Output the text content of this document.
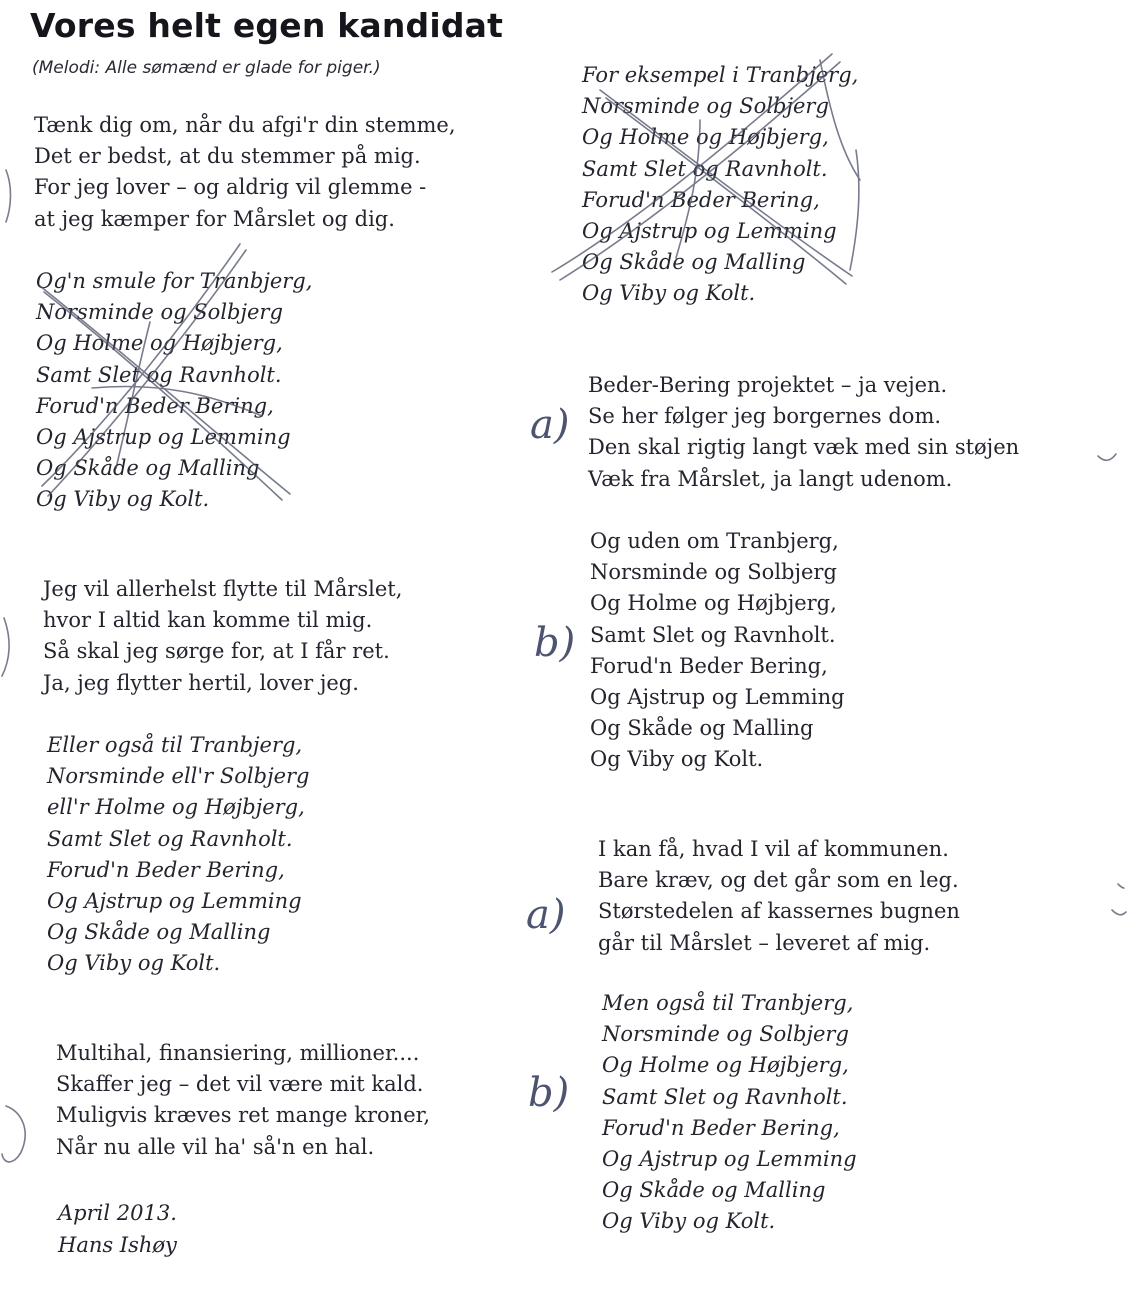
Vores helt egen kandidat
(Melodi: Alle sømænd er glade for piger.)
Tænk dig om, når du afgi'r din stemme,
Det er bedst, at du stemmer på mig.
For jeg lover – og aldrig vil glemme -
at jeg kæmper for Mårslet og dig.
Og'n smule for Tranbjerg,
Norsminde og Solbjerg
Og Holme og Højbjerg,
Samt Slet og Ravnholt.
Forud'n Beder Bering,
Og Ajstrup og Lemming
Og Skåde og Malling
Og Viby og Kolt.
Jeg vil allerhelst flytte til Mårslet,
hvor I altid kan komme til mig.
Så skal jeg sørge for, at I får ret.
Ja, jeg flytter hertil, lover jeg.
Eller også til Tranbjerg,
Norsminde ell'r Solbjerg
ell'r Holme og Højbjerg,
Samt Slet og Ravnholt.
Forud'n Beder Bering,
Og Ajstrup og Lemming
Og Skåde og Malling
Og Viby og Kolt.
Multihal, finansiering, millioner....
Skaffer jeg – det vil være mit kald.
Muligvis kræves ret mange kroner,
Når nu alle vil ha' så'n en hal.
April 2013.
Hans Ishøy
For eksempel i Tranbjerg,
Norsminde og Solbjerg
Og Holme og Højbjerg,
Samt Slet og Ravnholt.
Forud'n Beder Bering,
Og Ajstrup og Lemming
Og Skåde og Malling
Og Viby og Kolt.
Beder-Bering projektet – ja vejen.
Se her følger jeg borgernes dom.
Den skal rigtig langt væk med sin støjen
Væk fra Mårslet, ja langt udenom.
Og uden om Tranbjerg,
Norsminde og Solbjerg
Og Holme og Højbjerg,
Samt Slet og Ravnholt.
Forud'n Beder Bering,
Og Ajstrup og Lemming
Og Skåde og Malling
Og Viby og Kolt.
I kan få, hvad I vil af kommunen.
Bare kræv, og det går som en leg.
Størstedelen af kassernes bugnen
går til Mårslet – leveret af mig.
Men også til Tranbjerg,
Norsminde og Solbjerg
Og Holme og Højbjerg,
Samt Slet og Ravnholt.
Forud'n Beder Bering,
Og Ajstrup og Lemming
Og Skåde og Malling
Og Viby og Kolt.
a)
b)
a)
b)
